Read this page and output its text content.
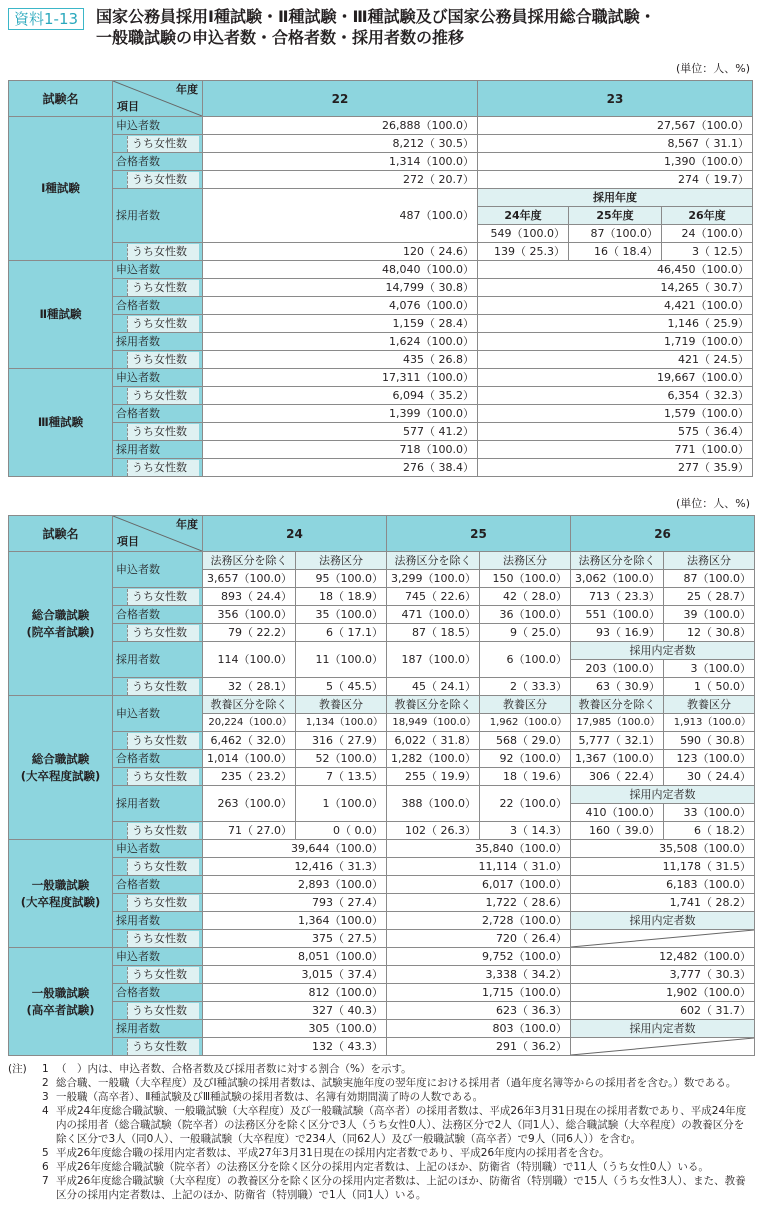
資料1-13	国家公務員採用Ⅰ種試験・Ⅱ種試験・Ⅲ種試験及び国家公務員採用総合職試験・
一般職試験の申込者数・合格者数・採用者数の推移
(単位：人、%)
試験名	年度
項目	22	23		
Ⅰ種試験	申込者数	26,888（100.0）	27,567（100.0）		
	うち女性数	8,212（ 30.5）	8,567（ 31.1）		
	合格者数	1,314（100.0）	1,390（100.0）		
	うち女性数	272（ 20.7）	274（ 19.7）		
	採用者数	487（100.0）	採用年度		
			24年度	25年度	26年度
			549（100.0）	87（100.0）	24（100.0）
	うち女性数	120（ 24.6）	139（ 25.3）	16（ 18.4）	3（ 12.5）
Ⅱ種試験	申込者数	48,040（100.0）	46,450（100.0）		
	うち女性数	14,799（ 30.8）	14,265（ 30.7）		
	合格者数	4,076（100.0）	4,421（100.0）		
	うち女性数	1,159（ 28.4）	1,146（ 25.9）		
	採用者数	1,624（100.0）	1,719（100.0）		
	うち女性数	435（ 26.8）	421（ 24.5）		
Ⅲ種試験	申込者数	17,311（100.0）	19,667（100.0）		
	うち女性数	6,094（ 35.2）	6,354（ 32.3）		
	合格者数	1,399（100.0）	1,579（100.0）		
	うち女性数	577（ 41.2）	575（ 36.4）		
	採用者数	718（100.0）	771（100.0）		
	うち女性数	276（ 38.4）	277（ 35.9）		
(単位：人、%)
試験名	年度
項目	24		25		26	

総合職試験
(院卒者試験)	申込者数	法務区分を除く	法務区分	法務区分を除く	法務区分	法務区分を除く	法務区分
		3,657（100.0）	95（100.0）	3,299（100.0）	150（100.0）	3,062（100.0）	87（100.0）
	うち女性数	893（ 24.4）	18（ 18.9）	745（ 22.6）	42（ 28.0）	713（ 23.3）	25（ 28.7）
	合格者数	356（100.0）	35（100.0）	471（100.0）	36（100.0）	551（100.0）	39（100.0）
	うち女性数	79（ 22.2）	6（ 17.1）	87（ 18.5）	9（ 25.0）	93（ 16.9）	12（ 30.8）
	採用者数	114（100.0）	11（100.0）	187（100.0）	6（100.0）	採用内定者数	
						203（100.0）	3（100.0）
	うち女性数	32（ 28.1）	5（ 45.5）	45（ 24.1）	2（ 33.3）	63（ 30.9）	1（ 50.0）

総合職試験
(大卒程度試験)	申込者数	教養区分を除く	教養区分	教養区分を除く	教養区分	教養区分を除く	教養区分
		20,224（100.0）	1,134（100.0）	18,949（100.0）	1,962（100.0）	17,985（100.0）	1,913（100.0）
	うち女性数	6,462（ 32.0）	316（ 27.9）	6,022（ 31.8）	568（ 29.0）	5,777（ 32.1）	590（ 30.8）
	合格者数	1,014（100.0）	52（100.0）	1,282（100.0）	92（100.0）	1,367（100.0）	123（100.0）
	うち女性数	235（ 23.2）	7（ 13.5）	255（ 19.9）	18（ 19.6）	306（ 22.4）	30（ 24.4）
	採用者数	263（100.0）	1（100.0）	388（100.0）	22（100.0）	採用内定者数	
						410（100.0）	33（100.0）
	うち女性数	71（ 27.0）	0（ 0.0）	102（ 26.3）	3（ 14.3）	160（ 39.0）	6（ 18.2）

一般職試験
(大卒程度試験)	申込者数	39,644（100.0）		35,840（100.0）		35,508（100.0）	
	うち女性数	12,416（ 31.3）		11,114（ 31.0）		11,178（ 31.5）	
	合格者数	2,893（100.0）		6,017（100.0）		6,183（100.0）	
	うち女性数	793（ 27.4）		1,722（ 28.6）		1,741（ 28.2）	
	採用者数	1,364（100.0）		2,728（100.0）		採用内定者数	
	うち女性数	375（ 27.5）		720（ 26.4）	

一般職試験
(高卒者試験)	申込者数	8,051（100.0）		9,752（100.0）		12,482（100.0）	
	うち女性数	3,015（ 37.4）		3,338（ 34.2）		3,777（ 30.3）	
	合格者数	812（100.0）		1,715（100.0）		1,902（100.0）	
	うち女性数	327（ 40.3）		623（ 36.3）		602（ 31.7）	
	採用者数	305（100.0）		803（100.0）		採用内定者数	
	うち女性数	132（ 43.3）		291（ 36.2）	
(注)	1 （　）内は、申込者数、合格者数及び採用者数に対する割合（%）を示す。
2 総合職、一般職（大卒程度）及びⅠ種試験の採用者数は、試験実施年度の翌年度における採用者（過年度名簿等からの採用者を含む。）数である。
3 一般職（高卒者）、Ⅱ種試験及びⅢ種試験の採用者数は、名簿有効期間満了時の人数である。
4 平成24年度総合職試験、一般職試験（大卒程度）及び一般職試験（高卒者）の採用者数は、平成26年3月31日現在の採用者数であり、平成24年度内の採用者（総合職試験（院卒者）の法務区分を除く区分で3人（うち女性0人）、法務区分で2人（同1人）、総合職試験（大卒程度）の教養区分を除く区分で3人（同0人）、一般職試験（大卒程度）で234人（同62人）及び一般職試験（高卒者）で9人（同6人））を含む。
5 平成26年度総合職の採用内定者数は、平成27年3月31日現在の採用内定者数であり、平成26年度内の採用者を含む。
6 平成26年度総合職試験（院卒者）の法務区分を除く区分の採用内定者数は、上記のほか、防衛省（特別職）で11人（うち女性0人）いる。
7 平成26年度総合職試験（大卒程度）の教養区分を除く区分の採用内定者数は、上記のほか、防衛省（特別職）で15人（うち女性3人）、また、教養区分の採用内定者数は、上記のほか、防衛省（特別職）で1人（同1人）いる。
